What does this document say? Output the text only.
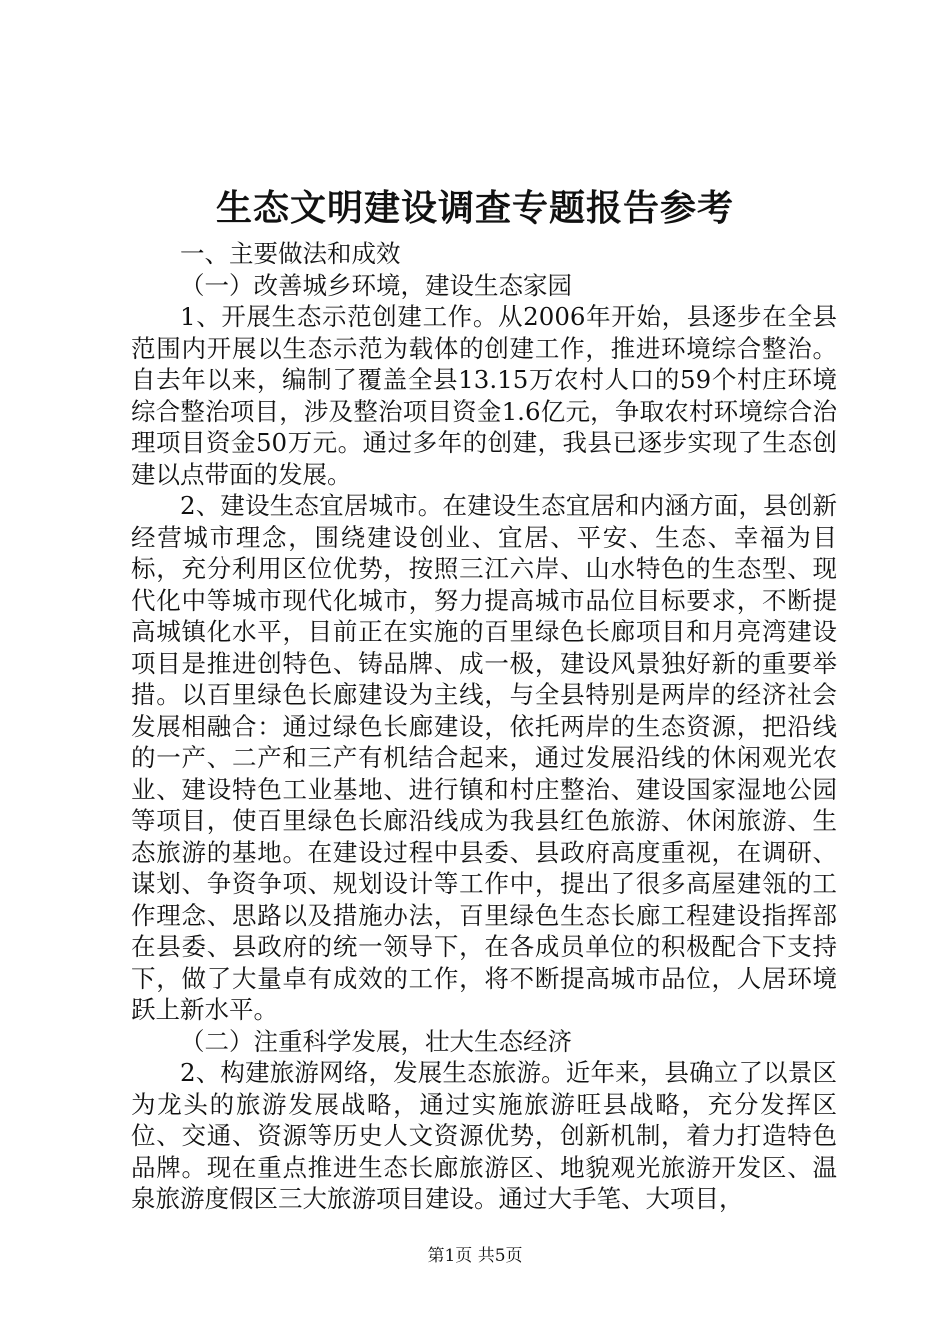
生态文明建设调查专题报告参考

一、主要做法和成效

（一）改善城乡环境，建设生态家园

1、开展生态示范创建工作。从2006年开始，县逐步在全县范围内开展以生态示范为载体的创建工作，推进环境综合整治。自去年以来，编制了覆盖全县13.15万农村人口的59个村庄环境综合整治项目，涉及整治项目资金1.6亿元，争取农村环境综合治理项目资金50万元。通过多年的创建，我县已逐步实现了生态创建以点带面的发展。

2、建设生态宜居城市。在建设生态宜居和内涵方面，县创新经营城市理念，围绕建设创业、宜居、平安、生态、幸福为目标，充分利用区位优势，按照三江六岸、山水特色的生态型、现代化中等城市现代化城市，努力提高城市品位目标要求，不断提高城镇化水平，目前正在实施的百里绿色长廊项目和月亮湾建设项目是推进创特色、铸品牌、成一极，建设风景独好新的重要举措。以百里绿色长廊建设为主线，与全县特别是两岸的经济社会发展相融合：通过绿色长廊建设，依托两岸的生态资源，把沿线的一产、二产和三产有机结合起来，通过发展沿线的休闲观光农业、建设特色工业基地、进行镇和村庄整治、建设国家湿地公园等项目，使百里绿色长廊沿线成为我县红色旅游、休闲旅游、生态旅游的基地。在建设过程中县委、县政府高度重视，在调研、谋划、争资争项、规划设计等工作中，提出了很多高屋建瓴的工作理念、思路以及措施办法，百里绿色生态长廊工程建设指挥部在县委、县政府的统一领导下，在各成员单位的积极配合下支持下，做了大量卓有成效的工作，将不断提高城市品位，人居环境跃上新水平。

（二）注重科学发展，壮大生态经济

2、构建旅游网络，发展生态旅游。近年来，县确立了以景区为龙头的旅游发展战略，通过实施旅游旺县战略，充分发挥区位、交通、资源等历史人文资源优势，创新机制，着力打造特色品牌。现在重点推进生态长廊旅游区、地貌观光旅游开发区、温泉旅游度假区三大旅游项目建设。通过大手笔、大项目，

第1页 共5页
